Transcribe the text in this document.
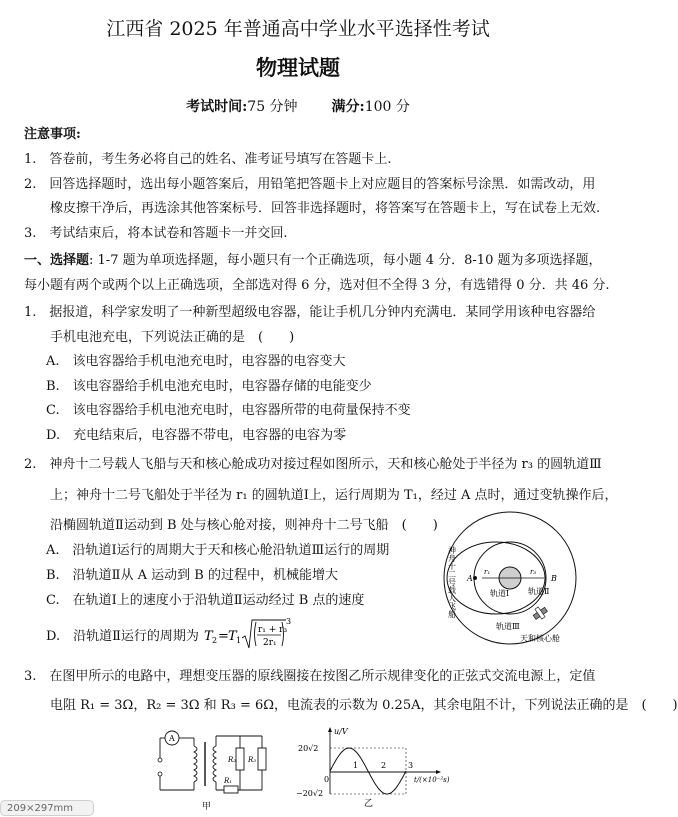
江西省 2025 年普通高中学业水平选择性考试
物理试题
考试时间:75 分钟 满分:100 分
注意事项:
1.　答卷前，考生务必将自己的姓名、准考证号填写在答题卡上.
2.　回答选择题时，选出每小题答案后，用铅笔把答题卡上对应题目的答案标号涂黑．如需改动，用
　　橡皮擦干净后，再选涂其他答案标号．回答非选择题时，将答案写在答题卡上，写在试卷上无效.
3.　考试结束后，将本试卷和答题卡一并交回.
一、选择题: 1-7 题为单项选择题，每小题只有一个正确选项，每小题 4 分．8-10 题为多项选择题，
每小题有两个或两个以上正确选项，全部选对得 6 分，选对但不全得 3 分，有选错得 0 分．共 46 分.
1.　据报道，科学家发明了一种新型超级电容器，能让手机几分钟内充满电．某同学用该种电容器给
　　手机电池充电，下列说法正确的是　(　　)
A.　该电容器给手机电池充电时，电容器的电容变大
B.　该电容器给手机电池充电时，电容器存储的电能变少
C.　该电容器给手机电池充电时，电容器所带的电荷量保持不变
D.　充电结束后，电容器不带电，电容器的电容为零
2.　神舟十二号载人飞船与天和核心舱成功对接过程如图所示，天和核心舱处于半径为 r₃ 的圆轨道Ⅲ
　　上；神舟十二号飞船处于半径为 r₁ 的圆轨道Ⅰ上，运行周期为 T₁，经过 A 点时，通过变轨操作后，
　　沿椭圆轨道Ⅱ运动到 B 处与核心舱对接，则神舟十二号飞船　(　　)
A.　沿轨道Ⅰ运行的周期大于天和核心舱沿轨道Ⅲ运行的周期
B.　沿轨道Ⅱ从 A 运动到 B 的过程中，机械能增大
C.　在轨道Ⅰ上的速度小于沿轨道Ⅱ运动经过 B 点的速度
D.　沿轨道Ⅱ运行的周期为 T 2 = T 1
r₁ + r₃
2r₁
3
A	B
r₁	r₃
轨道Ⅰ 轨道Ⅱ
轨道Ⅲ
天和核心舱
神舟十二号载人飞船
3.　在图甲所示的电路中，理想变压器的原线圈接在按图乙所示规律变化的正弦式交流电源上，定值
　　电阻 R₁ = 3Ω，R₂ = 3Ω 和 R₃ = 6Ω，电流表的示数为 0.25A，其余电阻不计，下列说法正确的是　(　　)
A
R₂ R₃
R₁
甲
u/V
20√2
−20√2
0
1	2	3
t/(×10⁻²s)
乙
209×297mm
